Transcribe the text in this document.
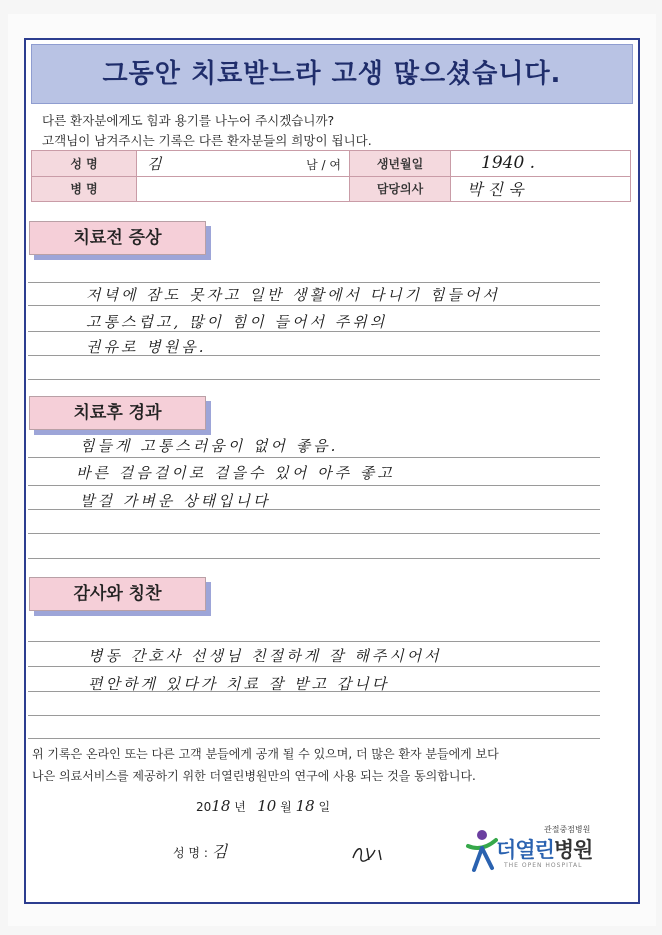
그동안 치료받느라 고생 많으셨습니다.
다른 환자분에게도 힘과 용기를 나누어 주시겠습니까?
고객님이 남겨주시는 기록은 다른 환자분들의 희망이 됩니다.
성 명	김 남 / 여	생년월일	1940 .
병 명		담당의사	박 진 욱
치료전 증상
저녁에 잠도 못자고 일반 생활에서 다니기 힘들어서
고통스럽고, 많이 힘이 들어서 주위의
권유로 병원옴.
치료후 경과
힘들게 고통스러움이 없어 좋음.
바른 걸음걸이로 걸을수 있어 아주 좋고
발걸 가벼운 상태입니다
감사와 칭찬
병동 간호사 선생님 친절하게 잘 해주시어서
편안하게 있다가 치료 잘 받고 갑니다
위 기록은 온라인 또는 다른 고객 분들에게 공개 될 수 있으며, 더 많은 환자 분들에게 보다
나은 의료서비스를 제공하기 위한 더열린병원만의 연구에 사용 되는 것을 동의합니다.
2018 년 10 월 18 일
성 명 : 김
관절중점병원
더열린병원
THE OPEN HOSPITAL
